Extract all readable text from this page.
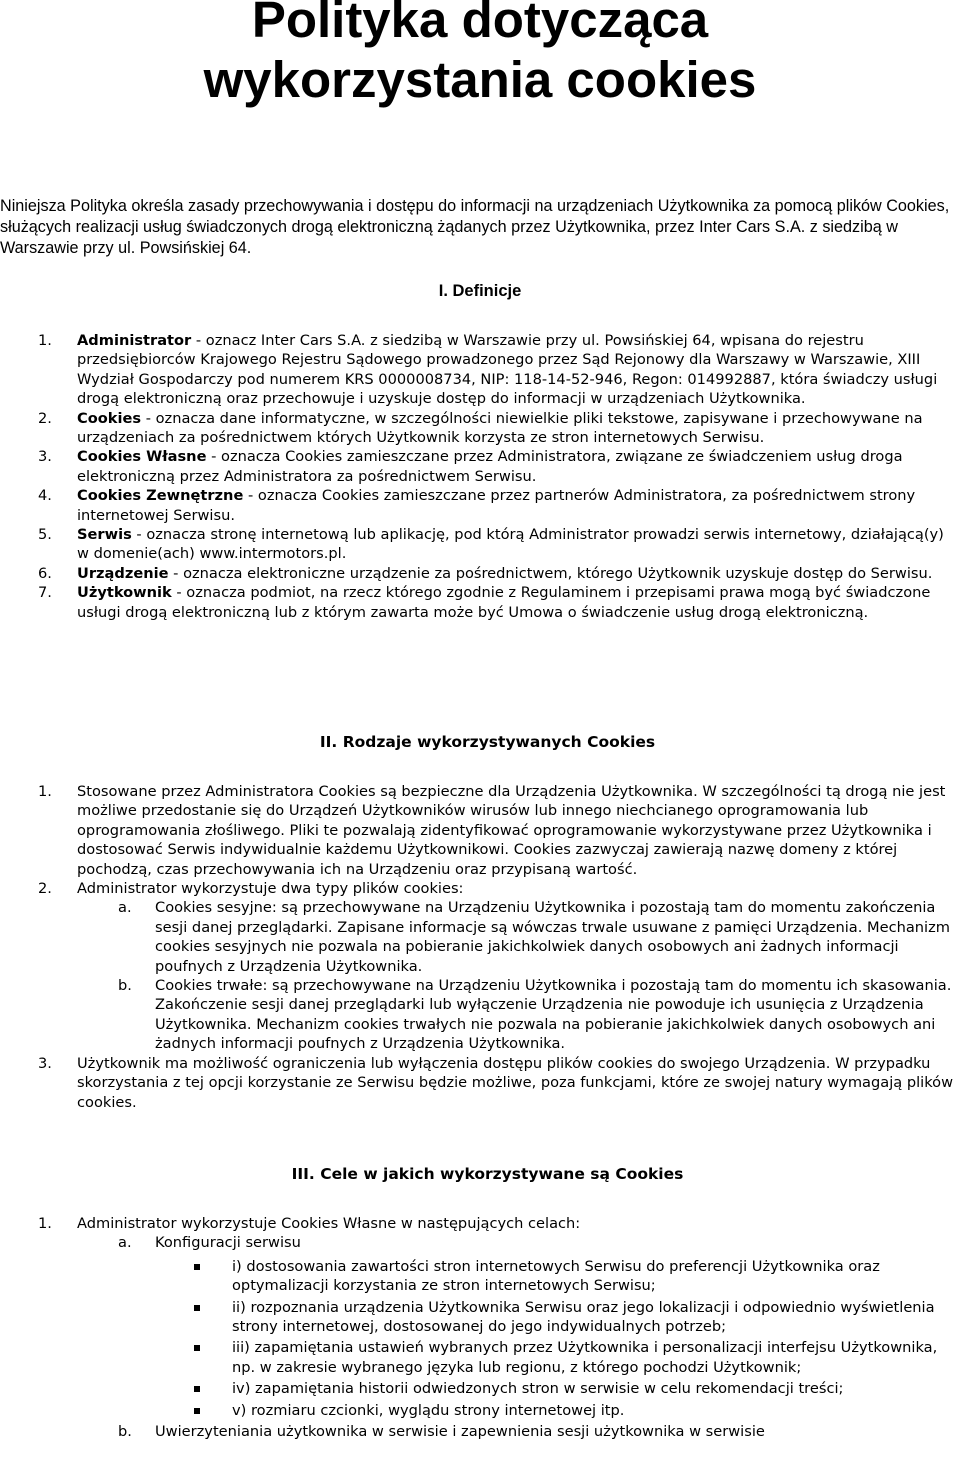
Polityka dotycząca
wykorzystania cookies

Niniejsza Polityka określa zasady przechowywania i dostępu do informacji na urządzeniach Użytkownika za pomocą plików Cookies, służących realizacji usług świadczonych drogą elektroniczną żądanych przez Użytkownika, przez Inter Cars S.A. z siedzibą w Warszawie przy ul. Powsińskiej 64.

I. Definicje
1. Administrator - oznacz Inter Cars S.A. z siedzibą w Warszawie przy ul. Powsińskiej 64, wpisana do rejestru przedsiębiorców Krajowego Rejestru Sądowego prowadzonego przez Sąd Rejonowy dla Warszawy w Warszawie, XIII Wydział Gospodarczy pod numerem KRS 0000008734, NIP: 118-14-52-946, Regon: 014992887, która świadczy usługi drogą elektroniczną oraz przechowuje i uzyskuje dostęp do informacji w urządzeniach Użytkownika.
2. Cookies - oznacza dane informatyczne, w szczególności niewielkie pliki tekstowe, zapisywane i przechowywane na urządzeniach za pośrednictwem których Użytkownik korzysta ze stron internetowych Serwisu.
3. Cookies Własne - oznacza Cookies zamieszczane przez Administratora, związane ze świadczeniem usług droga elektroniczną przez Administratora za pośrednictwem Serwisu.
4. Cookies Zewnętrzne - oznacza Cookies zamieszczane przez partnerów Administratora, za pośrednictwem strony internetowej Serwisu.
5. Serwis - oznacza stronę internetową lub aplikację, pod którą Administrator prowadzi serwis internetowy, działającą(y) w domenie(ach) www.intermotors.pl.
6. Urządzenie - oznacza elektroniczne urządzenie za pośrednictwem, którego Użytkownik uzyskuje dostęp do Serwisu.
7. Użytkownik - oznacza podmiot, na rzecz którego zgodnie z Regulaminem i przepisami prawa mogą być świadczone usługi drogą elektroniczną lub z którym zawarta może być Umowa o świadczenie usług drogą elektroniczną.
II. Rodzaje wykorzystywanych Cookies
1. Stosowane przez Administratora Cookies są bezpieczne dla Urządzenia Użytkownika. W szczególności tą drogą nie jest możliwe przedostanie się do Urządzeń Użytkowników wirusów lub innego niechcianego oprogramowania lub oprogramowania złośliwego. Pliki te pozwalają zidentyfikować oprogramowanie wykorzystywane przez Użytkownika i dostosować Serwis indywidualnie każdemu Użytkownikowi. Cookies zazwyczaj zawierają nazwę domeny z której pochodzą, czas przechowywania ich na Urządzeniu oraz przypisaną wartość.
2. Administrator wykorzystuje dwa typy plików cookies:
a. Cookies sesyjne: są przechowywane na Urządzeniu Użytkownika i pozostają tam do momentu zakończenia sesji danej przeglądarki. Zapisane informacje są wówczas trwale usuwane z pamięci Urządzenia. Mechanizm cookies sesyjnych nie pozwala na pobieranie jakichkolwiek danych osobowych ani żadnych informacji poufnych z Urządzenia Użytkownika.
b. Cookies trwałe: są przechowywane na Urządzeniu Użytkownika i pozostają tam do momentu ich skasowania. Zakończenie sesji danej przeglądarki lub wyłączenie Urządzenia nie powoduje ich usunięcia z Urządzenia Użytkownika. Mechanizm cookies trwałych nie pozwala na pobieranie jakichkolwiek danych osobowych ani żadnych informacji poufnych z Urządzenia Użytkownika.
3. Użytkownik ma możliwość ograniczenia lub wyłączenia dostępu plików cookies do swojego Urządzenia. W przypadku skorzystania z tej opcji korzystanie ze Serwisu będzie możliwe, poza funkcjami, które ze swojej natury wymagają plików cookies.
III. Cele w jakich wykorzystywane są Cookies
1. Administrator wykorzystuje Cookies Własne w następujących celach:
a. Konfiguracji serwisu
i) dostosowania zawartości stron internetowych Serwisu do preferencji Użytkownika oraz optymalizacji korzystania ze stron internetowych Serwisu;
ii) rozpoznania urządzenia Użytkownika Serwisu oraz jego lokalizacji i odpowiednio wyświetlenia strony internetowej, dostosowanej do jego indywidualnych potrzeb;
iii) zapamiętania ustawień wybranych przez Użytkownika i personalizacji interfejsu Użytkownika, np. w zakresie wybranego języka lub regionu, z którego pochodzi Użytkownik;
iv) zapamiętania historii odwiedzonych stron w serwisie w celu rekomendacji treści;
v) rozmiaru czcionki, wyglądu strony internetowej itp.
b. Uwierzyteniania użytkownika w serwisie i zapewnienia sesji użytkownika w serwisie
